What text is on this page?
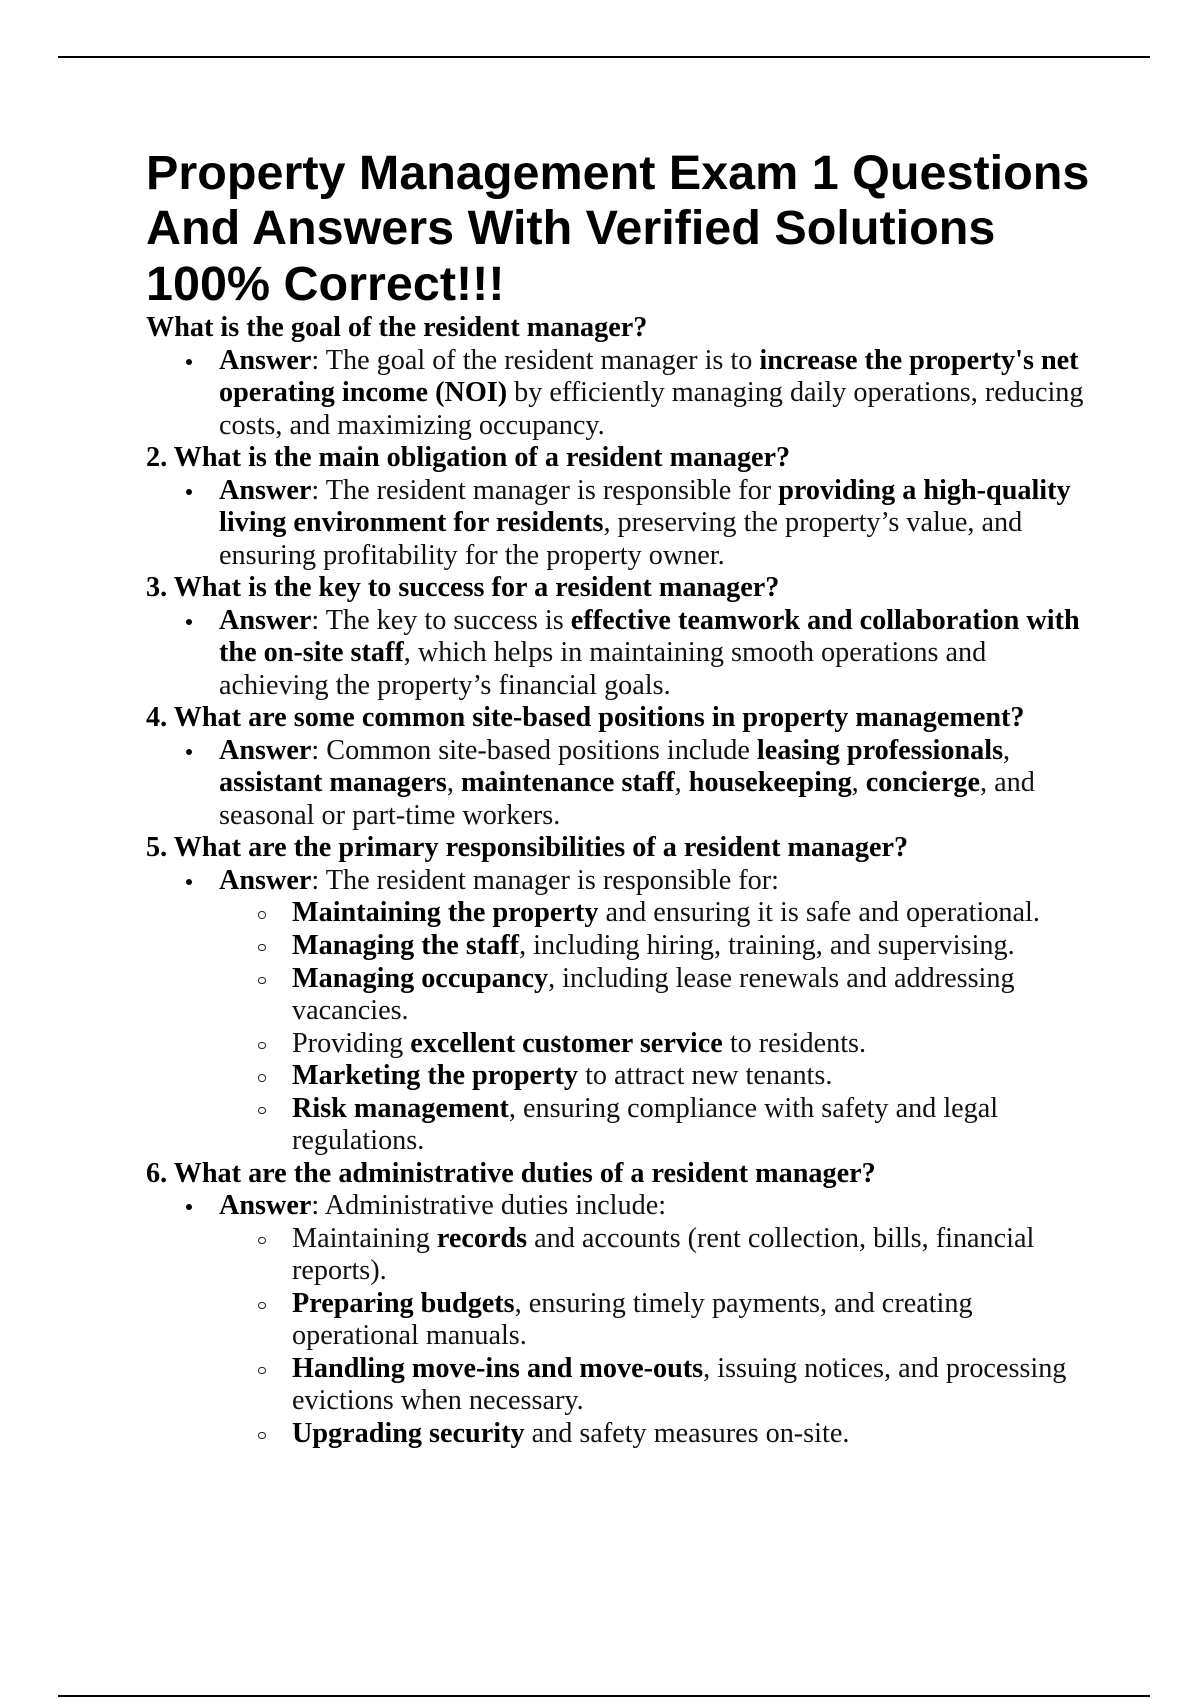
Property Management Exam 1 Questions
And Answers With Verified Solutions
100% Correct!!!
What is the goal of the resident manager?
Answer: The goal of the resident manager is to increase the property's net
operating income (NOI) by efficiently managing daily operations, reducing
costs, and maximizing occupancy.
2. What is the main obligation of a resident manager?
Answer: The resident manager is responsible for providing a high-quality
living environment for residents, preserving the property’s value, and
ensuring profitability for the property owner.
3. What is the key to success for a resident manager?
Answer: The key to success is effective teamwork and collaboration with
the on-site staff, which helps in maintaining smooth operations and
achieving the property’s financial goals.
4. What are some common site-based positions in property management?
Answer: Common site-based positions include leasing professionals,
assistant managers, maintenance staff, housekeeping, concierge, and
seasonal or part-time workers.
5. What are the primary responsibilities of a resident manager?
Answer: The resident manager is responsible for:
Maintaining the property and ensuring it is safe and operational.
Managing the staff, including hiring, training, and supervising.
Managing occupancy, including lease renewals and addressing
vacancies.
Providing excellent customer service to residents.
Marketing the property to attract new tenants.
Risk management, ensuring compliance with safety and legal
regulations.
6. What are the administrative duties of a resident manager?
Answer: Administrative duties include:
Maintaining records and accounts (rent collection, bills, financial
reports).
Preparing budgets, ensuring timely payments, and creating
operational manuals.
Handling move-ins and move-outs, issuing notices, and processing
evictions when necessary.
Upgrading security and safety measures on-site.
